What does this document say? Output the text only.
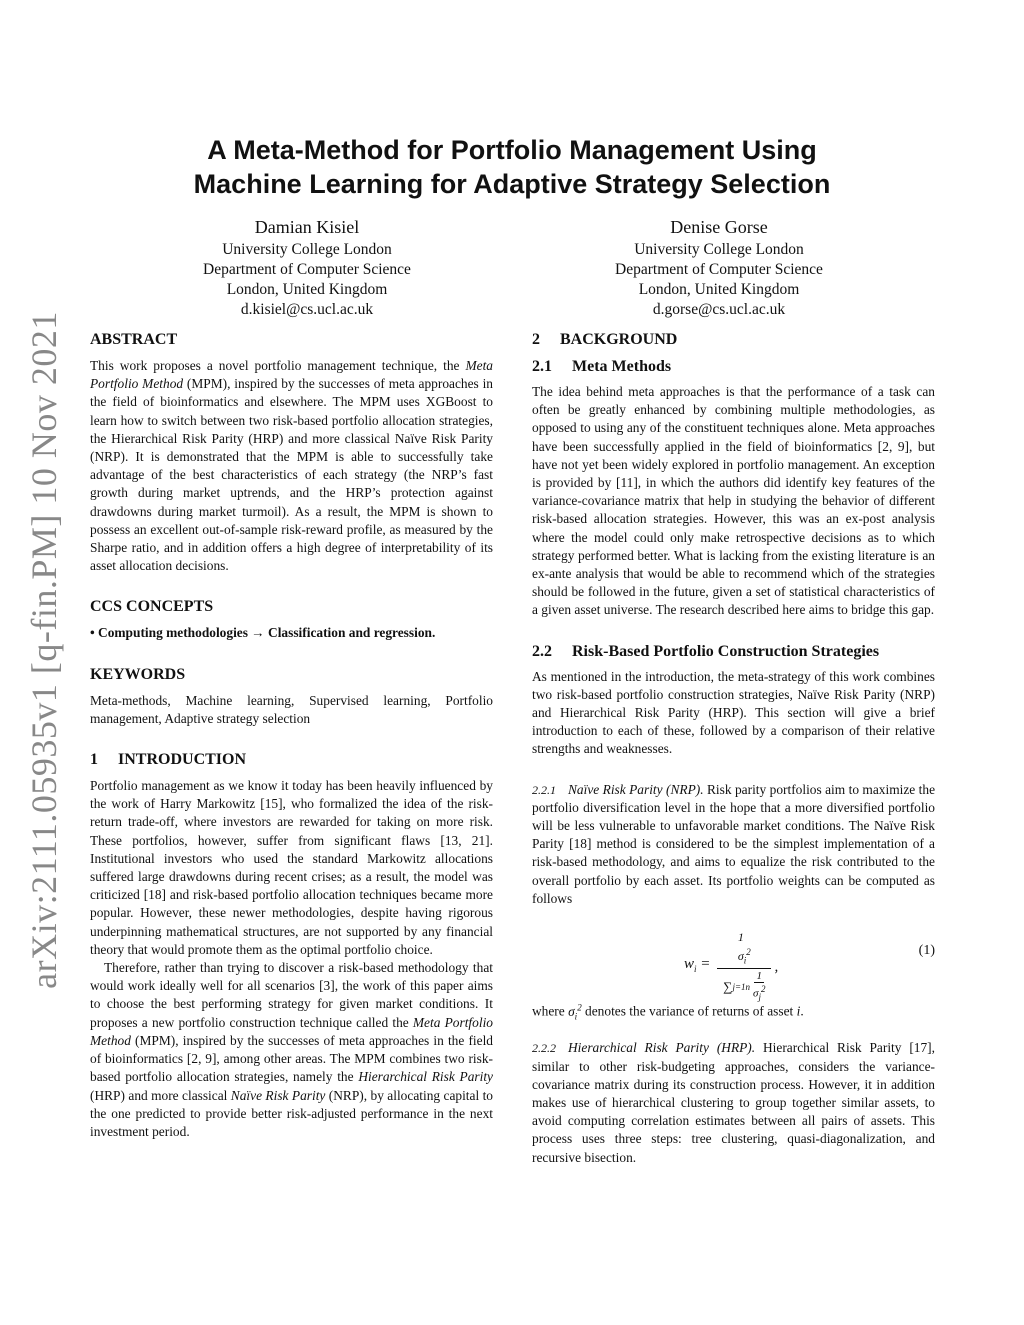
arXiv:2111.05935v1 [q-fin.PM] 10 Nov 2021
A Meta-Method for Portfolio Management Using
Machine Learning for Adaptive Strategy Selection
Damian Kisiel
University College London
Department of Computer Science
London, United Kingdom
d.kisiel@cs.ucl.ac.uk
Denise Gorse
University College London
Department of Computer Science
London, United Kingdom
d.gorse@cs.ucl.ac.uk
ABSTRACT

This work proposes a novel portfolio management technique, the Meta Portfolio Method (MPM), inspired by the successes of meta approaches in the field of bioinformatics and elsewhere. The MPM uses XGBoost to learn how to switch between two risk-based portfolio allocation strategies, the Hierarchical Risk Parity (HRP) and more classical Naïve Risk Parity (NRP). It is demonstrated that the MPM is able to successfully take advantage of the best characteristics of each strategy (the NRP’s fast growth during market uptrends, and the HRP’s protection against drawdowns during market turmoil). As a result, the MPM is shown to possess an excellent out-of-sample risk-reward profile, as measured by the Sharpe ratio, and in addition offers a high degree of interpretability of its asset allocation decisions.

CCS CONCEPTS

• Computing methodologies → Classification and regression.

KEYWORDS

Meta-methods, Machine learning, Supervised learning, Portfolio management, Adaptive strategy selection

1 INTRODUCTION

Portfolio management as we know it today has been heavily influenced by the work of Harry Markowitz [15], who formalized the idea of the risk-return trade-off, where investors are rewarded for taking on more risk. These portfolios, however, suffer from significant flaws [13, 21]. Institutional investors who used the standard Markowitz allocations suffered large drawdowns during recent crises; as a result, the model was criticized [18] and risk-based portfolio allocation techniques became more popular. However, these newer methodologies, despite having rigorous underpinning mathematical structures, are not supported by any financial theory that would promote them as the optimal portfolio choice.

Therefore, rather than trying to discover a risk-based methodology that would work ideally well for all scenarios [3], the work of this paper aims to choose the best performing strategy for given market conditions. It proposes a new portfolio construction technique called the Meta Portfolio Method (MPM), inspired by the successes of meta approaches in the field of bioinformatics [2, 9], among other areas. The MPM combines two risk-based portfolio allocation strategies, namely the Hierarchical Risk Parity (HRP) and more classical Naïve Risk Parity (NRP), by allocating capital to the one predicted to provide better risk-adjusted performance in the next investment period.

2 BACKGROUND
2.1	Meta Methods

The idea behind meta approaches is that the performance of a task can often be greatly enhanced by combining multiple methodologies, as opposed to using any of the constituent techniques alone. Meta approaches have been successfully applied in the field of bioinformatics [2, 9], but have not yet been widely explored in portfolio management. An exception is provided by [11], in which the authors did identify key features of the variance-covariance matrix that help in studying the behavior of different risk-based allocation strategies. However, this was an ex-post analysis where the model could only make retrospective decisions as to which strategy performed better. What is lacking from the existing literature is an ex-ante analysis that would be able to recommend which of the strategies should be followed in the future, given a set of statistical characteristics of a given asset universe. The research described here aims to bridge this gap.

2.2	Risk-Based Portfolio Construction Strategies

As mentioned in the introduction, the meta-strategy of this work combines two risk-based portfolio construction strategies, Naïve Risk Parity (NRP) and Hierarchical Risk Parity (HRP). This section will give a brief introduction to each of these, followed by a comparison of their relative strengths and weaknesses.

2.2.1 Naïve Risk Parity (NRP). Risk parity portfolios aim to maximize the portfolio diversification level in the hope that a more diversified portfolio will be less vulnerable to unfavorable market conditions. The Naïve Risk Parity [18] method is considered to be the simplest implementation of a risk-based methodology, and aims to equalize the risk contributed to the overall portfolio by each asset. Its portfolio weights can be computed as follows

$w_i$ =
1
$\sigma_i^2$
∑ j=1 n $\frac{1}{\sigma_j^2}$
,
(1)

where $\sigma_i^2$ denotes the variance of returns of asset i.

2.2.2 Hierarchical Risk Parity (HRP). Hierarchical Risk Parity [17], similar to other risk-budgeting approaches, considers the variance-covariance matrix during its construction process. However, it in addition makes use of hierarchical clustering to group together similar assets, to avoid computing correlation estimates between all pairs of assets. This process uses three steps: tree clustering, quasi-diagonalization, and recursive bisection.
